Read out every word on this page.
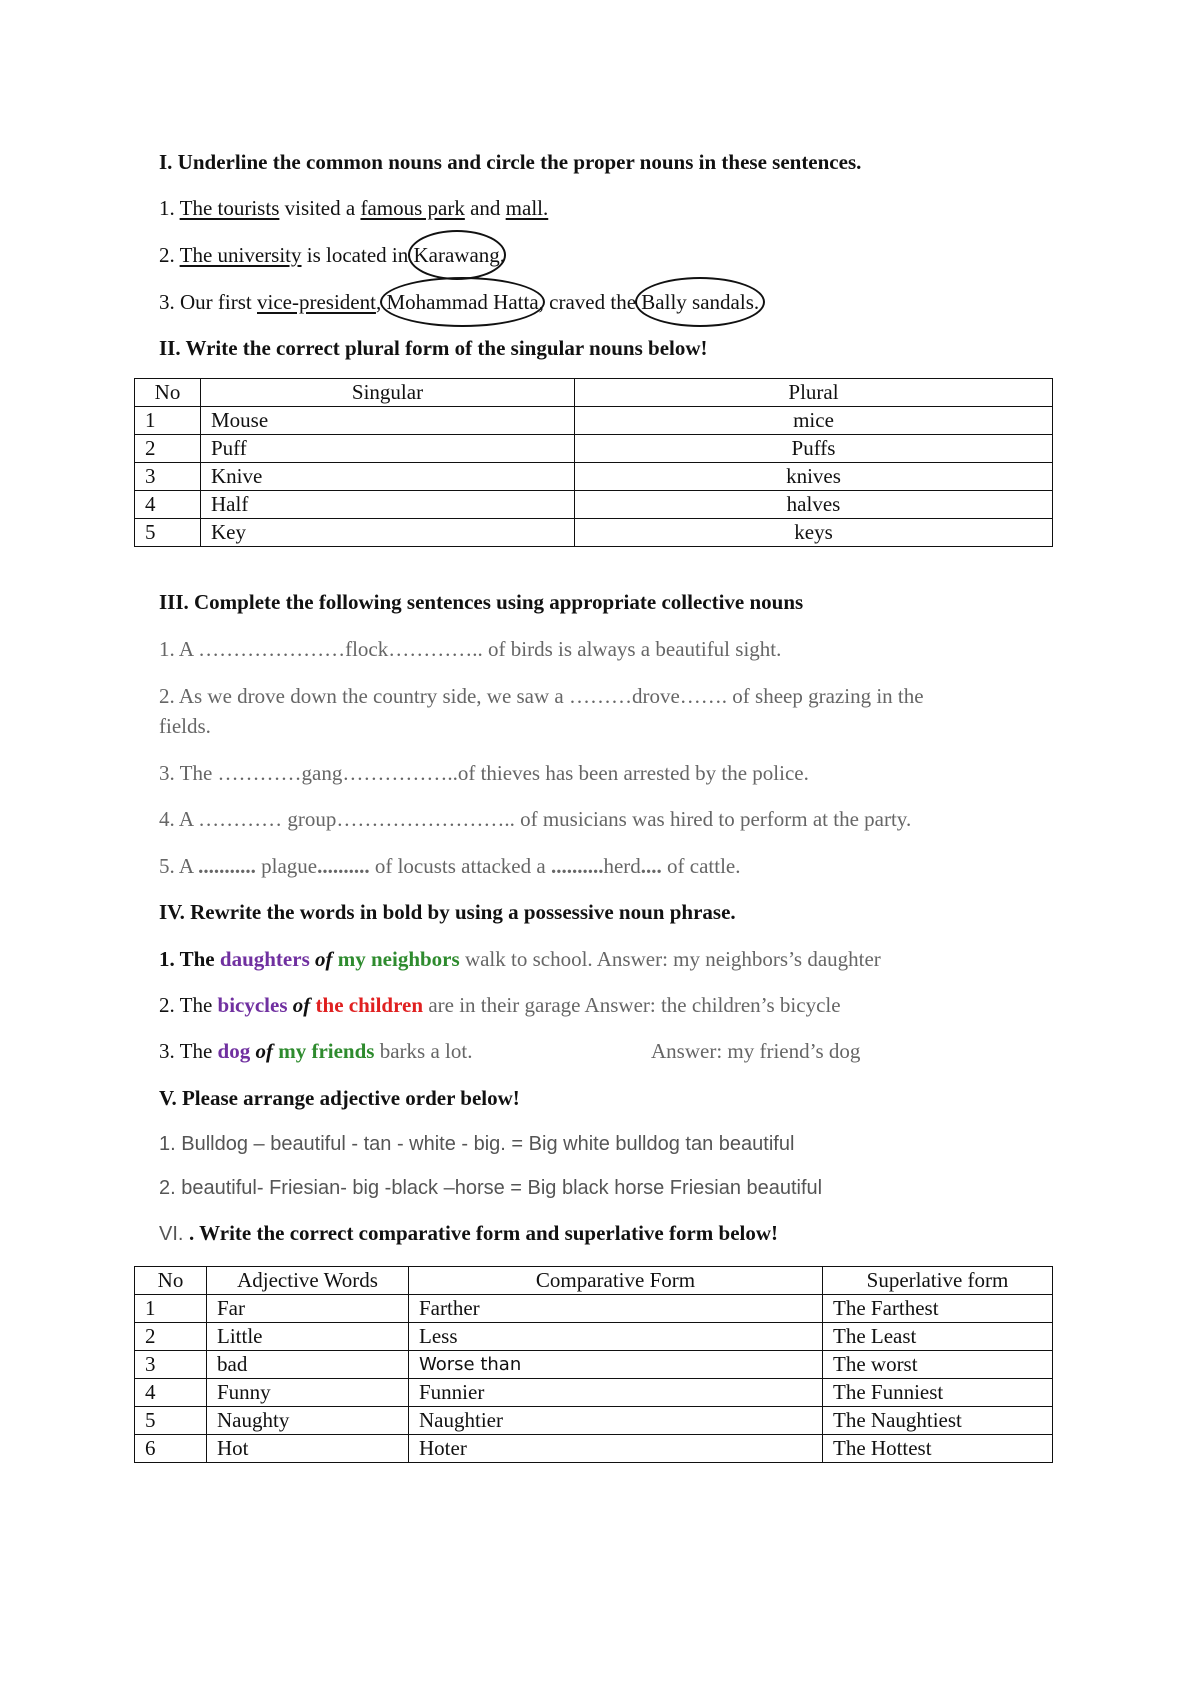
I. Underline the common nouns and circle the proper nouns in these sentences.
1. The tourists visited a famous park and mall.
2. The university is located in Karawang.
3. Our first vice-president, Mohammad Hatta, craved the Bally sandals.
II. Write the correct plural form of the singular nouns below!
No	Singular	Plural
1	Mouse	mice
2	Puff	Puffs
3	Knive	knives
4	Half	halves
5	Key	keys
III. Complete the following sentences using appropriate collective nouns
1. A …………………flock………….. of birds is always a beautiful sight.
2. As we drove down the country side, we saw a ………drove……. of sheep grazing in the
fields.
3. The …………gang……………..of thieves has been arrested by the police.
4. A ………… group…………………….. of musicians was hired to perform at the party.
5. A ........... plague.......... of locusts attacked a ..........herd.... of cattle.
IV. Rewrite the words in bold by using a possessive noun phrase.
1. The daughters of my neighbors walk to school. Answer: my neighbors’s daughter
2. The bicycles of the children are in their garage Answer: the children’s bicycle
3. The dog of my friends barks a lot.	Answer: my friend’s dog
V. Please arrange adjective order below!
1. Bulldog – beautiful - tan - white - big. = Big white bulldog tan beautiful
2. beautiful- Friesian- big -black –horse = Big black horse Friesian beautiful
VI. . Write the correct comparative form and superlative form below!
No	Adjective Words	Comparative Form	Superlative form
1	Far	Farther	The Farthest
2	Little	Less	The Least
3	bad	Worse than	The worst
4	Funny	Funnier	The Funniest
5	Naughty	Naughtier	The Naughtiest
6	Hot	Hoter	The Hottest
